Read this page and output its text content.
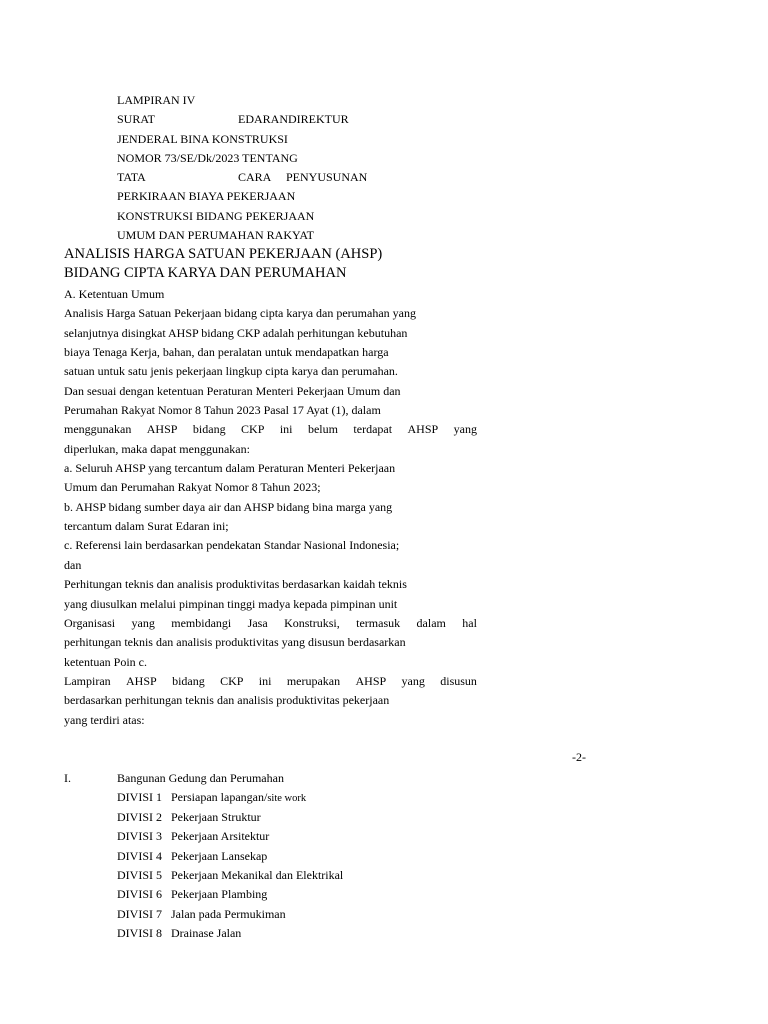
LAMPIRAN IV
SURAT	EDARANDIREKTUR
JENDERAL BINA KONSTRUKSI
NOMOR 73/SE/Dk/2023 TENTANG
TATA	CARA PENYUSUNAN
PERKIRAAN BIAYA PEKERJAAN
KONSTRUKSI BIDANG PEKERJAAN
UMUM DAN PERUMAHAN RAKYAT
ANALISIS HARGA SATUAN PEKERJAAN (AHSP)
BIDANG CIPTA KARYA DAN PERUMAHAN
A. Ketentuan Umum
Analisis Harga Satuan Pekerjaan bidang cipta karya dan perumahan yang
selanjutnya disingkat AHSP bidang CKP adalah perhitungan kebutuhan
biaya Tenaga Kerja, bahan, dan peralatan untuk mendapatkan harga
satuan untuk satu jenis pekerjaan lingkup cipta karya dan perumahan.
Dan sesuai dengan ketentuan Peraturan Menteri Pekerjaan Umum dan
Perumahan Rakyat Nomor 8 Tahun 2023 Pasal 17 Ayat (1), dalam
menggunakan AHSP bidang CKP ini belum terdapat AHSP yang
diperlukan, maka dapat menggunakan:
a. Seluruh AHSP yang tercantum dalam Peraturan Menteri Pekerjaan
Umum dan Perumahan Rakyat Nomor 8 Tahun 2023;
b. AHSP bidang sumber daya air dan AHSP bidang bina marga yang
tercantum dalam Surat Edaran ini;
c. Referensi lain berdasarkan pendekatan Standar Nasional Indonesia;
dan
Perhitungan teknis dan analisis produktivitas berdasarkan kaidah teknis
yang diusulkan melalui pimpinan tinggi madya kepada pimpinan unit
Organisasi yang membidangi Jasa Konstruksi, termasuk dalam hal
perhitungan teknis dan analisis produktivitas yang disusun berdasarkan
ketentuan Poin c.
Lampiran AHSP bidang CKP ini merupakan AHSP yang disusun
berdasarkan perhitungan teknis dan analisis produktivitas pekerjaan
yang terdiri atas:
-2-
I.	Bangunan Gedung dan Perumahan
DIVISI 1 Persiapan lapangan/site work
DIVISI 2 Pekerjaan Struktur
DIVISI 3 Pekerjaan Arsitektur
DIVISI 4 Pekerjaan Lansekap
DIVISI 5 Pekerjaan Mekanikal dan Elektrikal
DIVISI 6 Pekerjaan Plambing
DIVISI 7 Jalan pada Permukiman
DIVISI 8 Drainase Jalan
